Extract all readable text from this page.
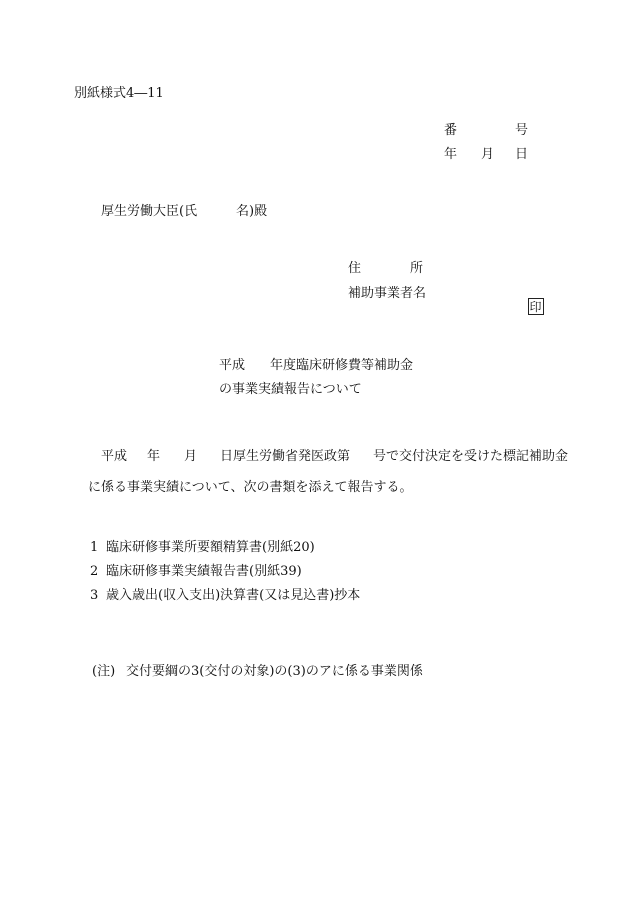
別紙様式4―11
番	号
年 月 日
厚生労働大臣(氏	名)殿
住	所
補助事業者名

印

平成 年度臨床研修費等補助金
の事業実績報告について
平成 年 月 日厚生労働省発医政第 号で交付決定を受けた標記補助金
に係る事業実績について、次の書類を添えて報告する。
1 臨床研修事業所要額精算書(別紙20)
2 臨床研修事業実績報告書(別紙39)
3 歳入歳出(収入支出)決算書(又は見込書)抄本
(注) 交付要綱の3(交付の対象)の(3)のアに係る事業関係
